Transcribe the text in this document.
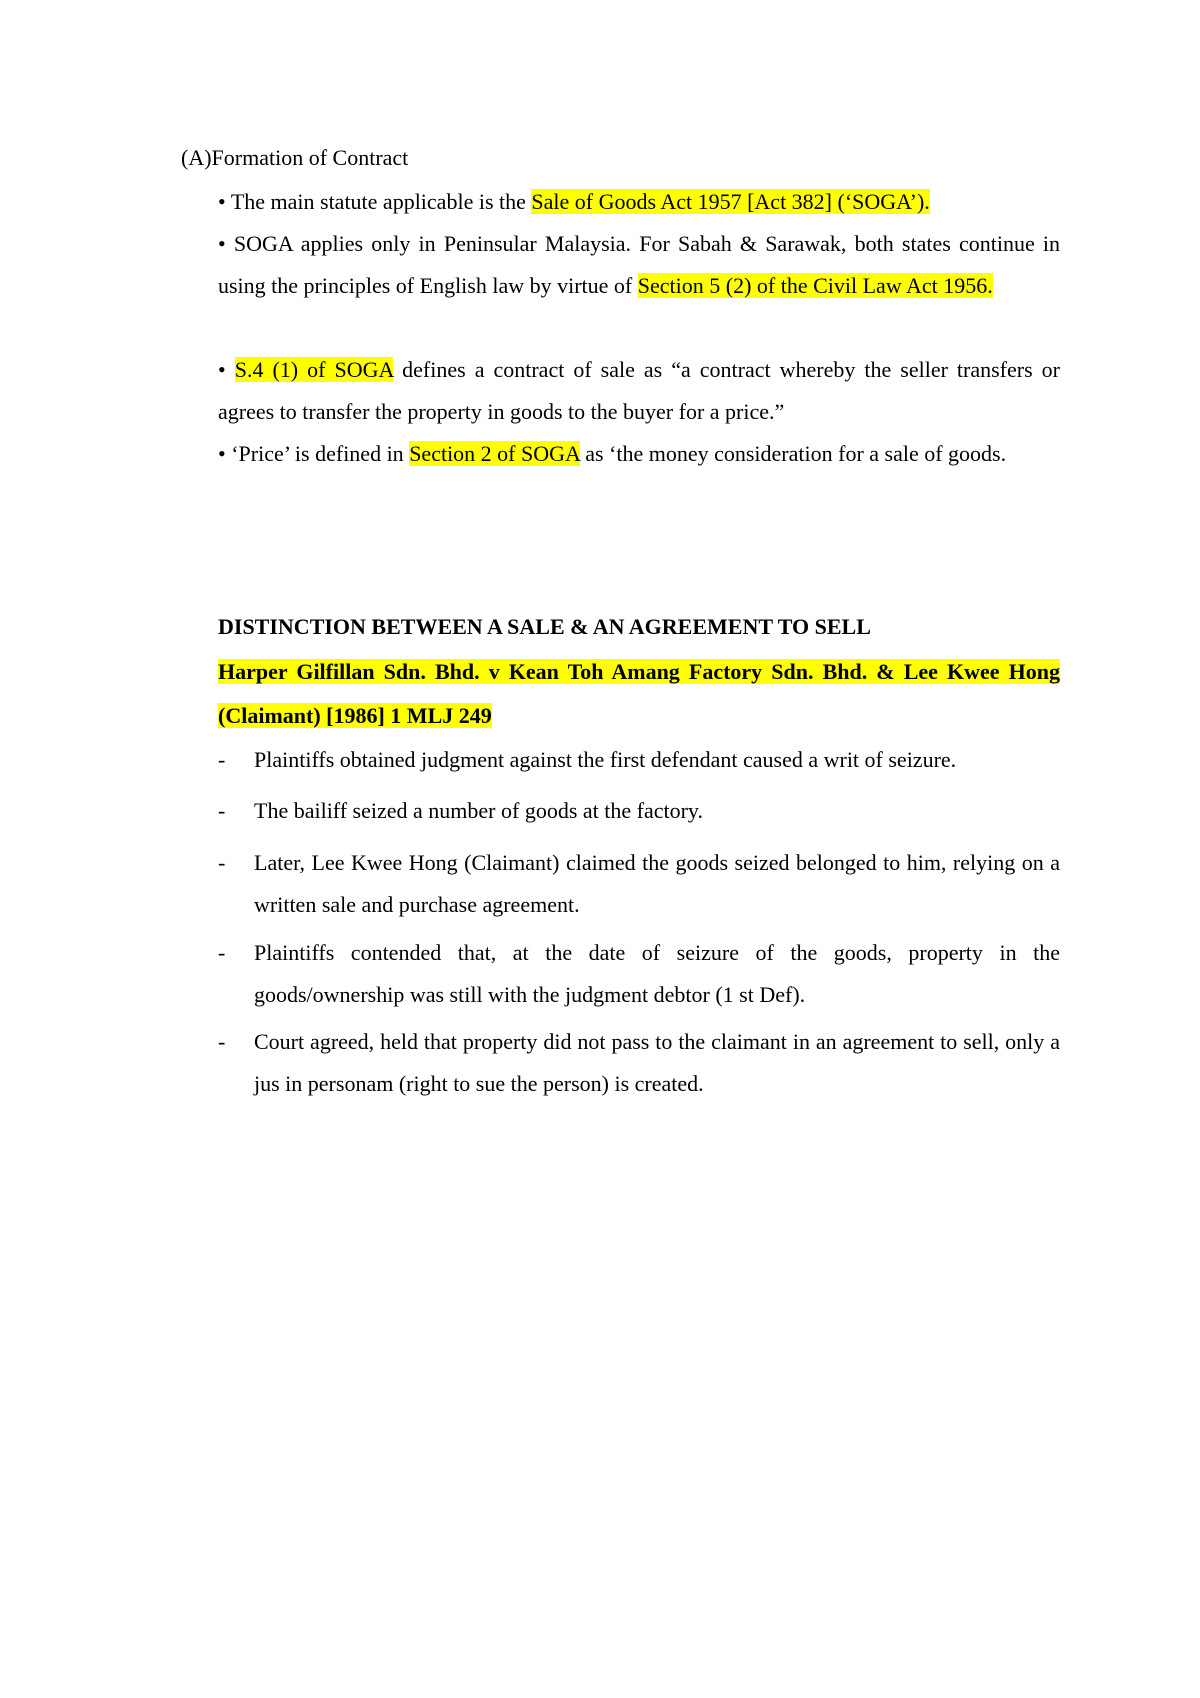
(A)Formation of Contract
• The main statute applicable is the Sale of Goods Act 1957 [Act 382] (‘SOGA’).
• SOGA applies only in Peninsular Malaysia. For Sabah & Sarawak, both states continue in using the principles of English law by virtue of Section 5 (2) of the Civil Law Act 1956.
• S.4 (1) of SOGA defines a contract of sale as “a contract whereby the seller transfers or agrees to transfer the property in goods to the buyer for a price.”
• ‘Price’ is defined in Section 2 of SOGA as ‘the money consideration for a sale of goods.
DISTINCTION BETWEEN A SALE & AN AGREEMENT TO SELL
Harper Gilfillan Sdn. Bhd. v Kean Toh Amang Factory Sdn. Bhd. & Lee Kwee Hong (Claimant) [1986] 1 MLJ 249
- Plaintiffs obtained judgment against the first defendant caused a writ of seizure.
- The bailiff seized a number of goods at the factory.
- Later, Lee Kwee Hong (Claimant) claimed the goods seized belonged to him, relying on a written sale and purchase agreement.
- Plaintiffs contended that, at the date of seizure of the goods, property in the goods/ownership was still with the judgment debtor (1 st Def).
- Court agreed, held that property did not pass to the claimant in an agreement to sell, only a jus in personam (right to sue the person) is created.
